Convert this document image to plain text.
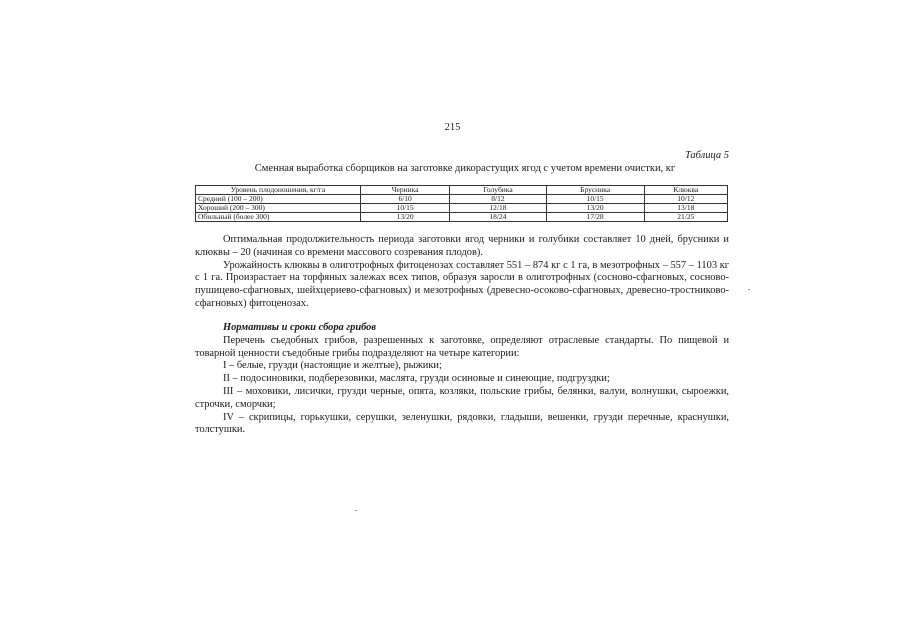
215
Таблица 5
Сменная выработка сборщиков на заготовке дикорастущих ягод с учетом времени очистки, кг
Уровень плодоношения, кг/га	Черника	Голубика	Брусника	Клюква
Средний (100 – 200)	6/10	8/12	10/15	10/12
Хороший (200 – 300)	10/15	12/18	13/20	13/18
Обильный (более 300)	13/20	18/24	17/28	21/25

Оптимальная продолжительность периода заготовки ягод черники и голубики составляет 10 дней, брусники и клюквы – 20 (начиная со времени массового созревания плодов).

Урожайность клюквы в олиготрофных фитоценозах составляет 551 – 874 кг с 1 га, в мезотрофных – 557 – 1103 кг с 1 га. Произрастает на торфяных залежах всех типов, образуя заросли в олиготрофных (сосново-сфагновых, сосново-пушицево-сфагновых, шейхцериево-сфагновых) и мезотрофных (древесно-осоково-сфагновых, древесно-тростниково-сфагновых) фитоценозах.

Нормативы и сроки сбора грибов

Перечень съедобных грибов, разрешенных к заготовке, определяют отраслевые стандарты. По пищевой и товарной ценности съедобные грибы подразделяют на четыре категории:

I – белые, грузди (настоящие и желтые), рыжики;

II – подосиновики, подберезовики, маслята, грузди осиновые и синеющие, подгруздки;

III – моховики, лисички, грузди черные, опята, козляки, польские грибы, белянки, валуи, волнушки, сыроежки, строчки, сморчки;

IV – скрипицы, горькушки, серушки, зеленушки, рядовки, гладыши, вешенки, грузди перечные, краснушки, толстушки.
